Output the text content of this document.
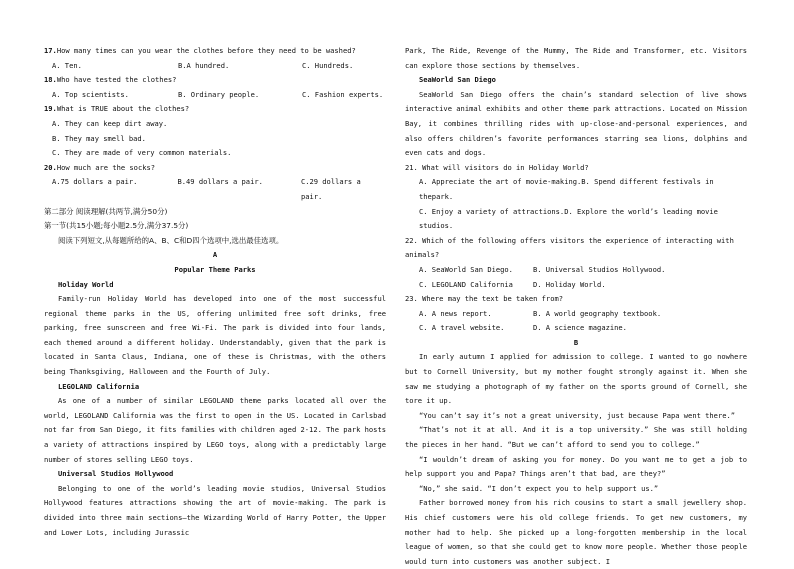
17.How many times can you wear the clothes before they need to be washed?

A. Ten.	B.A hundred.	C. Hundreds.

18.Who have tested the clothes?

A. Top scientists.	B. Ordinary people.	C. Fashion experts.

19.What is TRUE about the clothes?

A. They can keep dirt away.

B. They may smell bad.

C. They are made of very common materials.

20.How much are the socks?

A.75 dollars a pair.	B.49 dollars a pair.	C.29 dollars a pair.

第二部分 阅读理解(共两节,满分50分)

第一节(共15小题;每小题2.5分,满分37.5分)

阅读下列短文,从每题所给的A、B、C和D四个选项中,选出最佳选项。

A

Popular Theme Parks

Holiday World

Family-run Holiday World has developed into one of the most successful regional theme parks in the US, offering unlimited free soft drinks, free parking, free sunscreen and free Wi-Fi. The park is divided into four lands, each themed around a different holiday. Understandably, given that the park is located in Santa Claus, Indiana, one of these is Christmas, with the others being Thanksgiving, Halloween and the Fourth of July.

LEGOLAND California

As one of a number of similar LEGOLAND theme parks located all over the world, LEGOLAND California was the first to open in the US. Located in Carlsbad not far from San Diego, it fits families with children aged 2-12. The park hosts a variety of attractions inspired by LEGO toys, along with a predictably large number of stores selling LEGO toys.

Universal Studios Hollywood

Belonging to one of the world’s leading movie studios, Universal Studios Hollywood features attractions showing the art of movie-making. The park is divided into three main sections—the Wizarding World of Harry Potter, the Upper and Lower Lots, including Jurassic

Park, The Ride, Revenge of the Mummy, The Ride and Transformer, etc. Visitors can explore those sections by themselves.

SeaWorld San Diego

SeaWorld San Diego offers the chain’s standard selection of live shows interactive animal exhibits and other theme park attractions. Located on Mission Bay, it combines thrilling rides with up-close-and-personal experiences, and also offers children’s favorite performances starring sea lions, dolphins and even cats and dogs.

21. What will visitors do in Holiday World?

A. Appreciate the art of movie-making.B. Spend different festivals in thepark.

C. Enjoy a variety of attractions.D. Explore the world’s leading movie studios.

22. Which of the following offers visitors the experience of interacting with animals?

A. SeaWorld San Diego.	B. Universal Studios Hollywood.
C. LEGOLAND California	D. Holiday World.

23. Where may the text be taken from?

A. A news report.	B. A world geography textbook.
C. A travel website.	D. A science magazine.

B

In early autumn I applied for admission to college. I wanted to go nowhere but to Cornell University, but my mother fought strongly against it. When she saw me studying a photograph of my father on the sports ground of Cornell, she tore it up.

“You can’t say it’s not a great university, just because Papa went there.”

“That’s not it at all. And it is a top university.” She was still holding the pieces in her hand. “But we can’t afford to send you to college.”

“I wouldn’t dream of asking you for money. Do you want me to get a job to help support you and Papa? Things aren’t that bad, are they?”

“No,” she said. “I don’t expect you to help support us.”

Father borrowed money from his rich cousins to start a small jewellery shop. His chief customers were his old college friends. To get new customers, my mother had to help. She picked up a long-forgotten membership in the local league of women, so that she could get to know more people. Whether those people would turn into customers was another subject. I
